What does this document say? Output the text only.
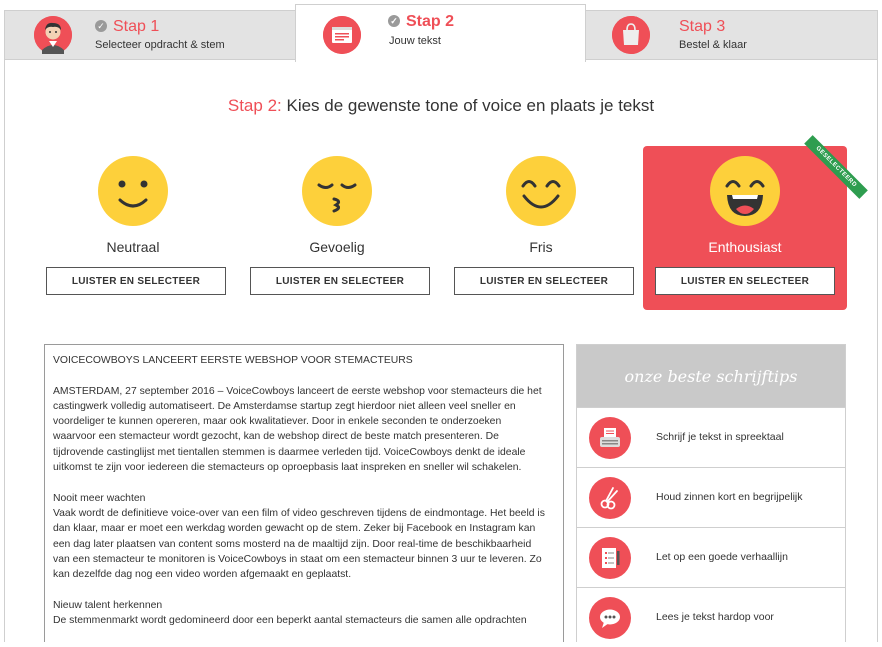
✓ Stap 1
Selecteer opdracht & stem
✓ Stap 2
Jouw tekst
Stap 3
Bestel & klaar
Stap 2: Kies de gewenste tone of voice en plaats je tekst
Neutraal
LUISTER EN SELECTEER
Gevoelig
LUISTER EN SELECTEER
Fris
LUISTER EN SELECTEER
GESELECTEERD
Enthousiast
LUISTER EN SELECTEER

VOICECOWBOYS LANCEERT EERSTE WEBSHOP VOOR STEMACTEURS

AMSTERDAM, 27 september 2016 – VoiceCowboys lanceert de eerste webshop voor stemacteurs die het
castingwerk volledig automatiseert. De Amsterdamse startup zegt hierdoor niet alleen veel sneller en
voordeliger te kunnen opereren, maar ook kwalitatiever. Door in enkele seconden te onderzoeken
waarvoor een stemacteur wordt gezocht, kan de webshop direct de beste match presenteren. De
tijdrovende castinglijst met tientallen stemmen is daarmee verleden tijd. VoiceCowboys denkt de ideale
uitkomst te zijn voor iedereen die stemacteurs op oproepbasis laat inspreken en sneller wil schakelen.

Nooit meer wachten
Vaak wordt de definitieve voice-over van een film of video geschreven tijdens de eindmontage. Het beeld is
dan klaar, maar er moet een werkdag worden gewacht op de stem. Zeker bij Facebook en Instagram kan
een dag later plaatsen van content soms mosterd na de maaltijd zijn. Door real-time de beschikbaarheid
van een stemacteur te monitoren is VoiceCowboys in staat om een stemacteur binnen 3 uur te leveren. Zo
kan dezelfde dag nog een video worden afgemaakt en geplaatst.

Nieuw talent herkennen
De stemmenmarkt wordt gedomineerd door een beperkt aantal stemacteurs die samen alle opdrachten

onze beste schrijftips
Schrijf je tekst in spreektaal
Houd zinnen kort en begrijpelijk
Let op een goede verhaallijn
Lees je tekst hardop voor
